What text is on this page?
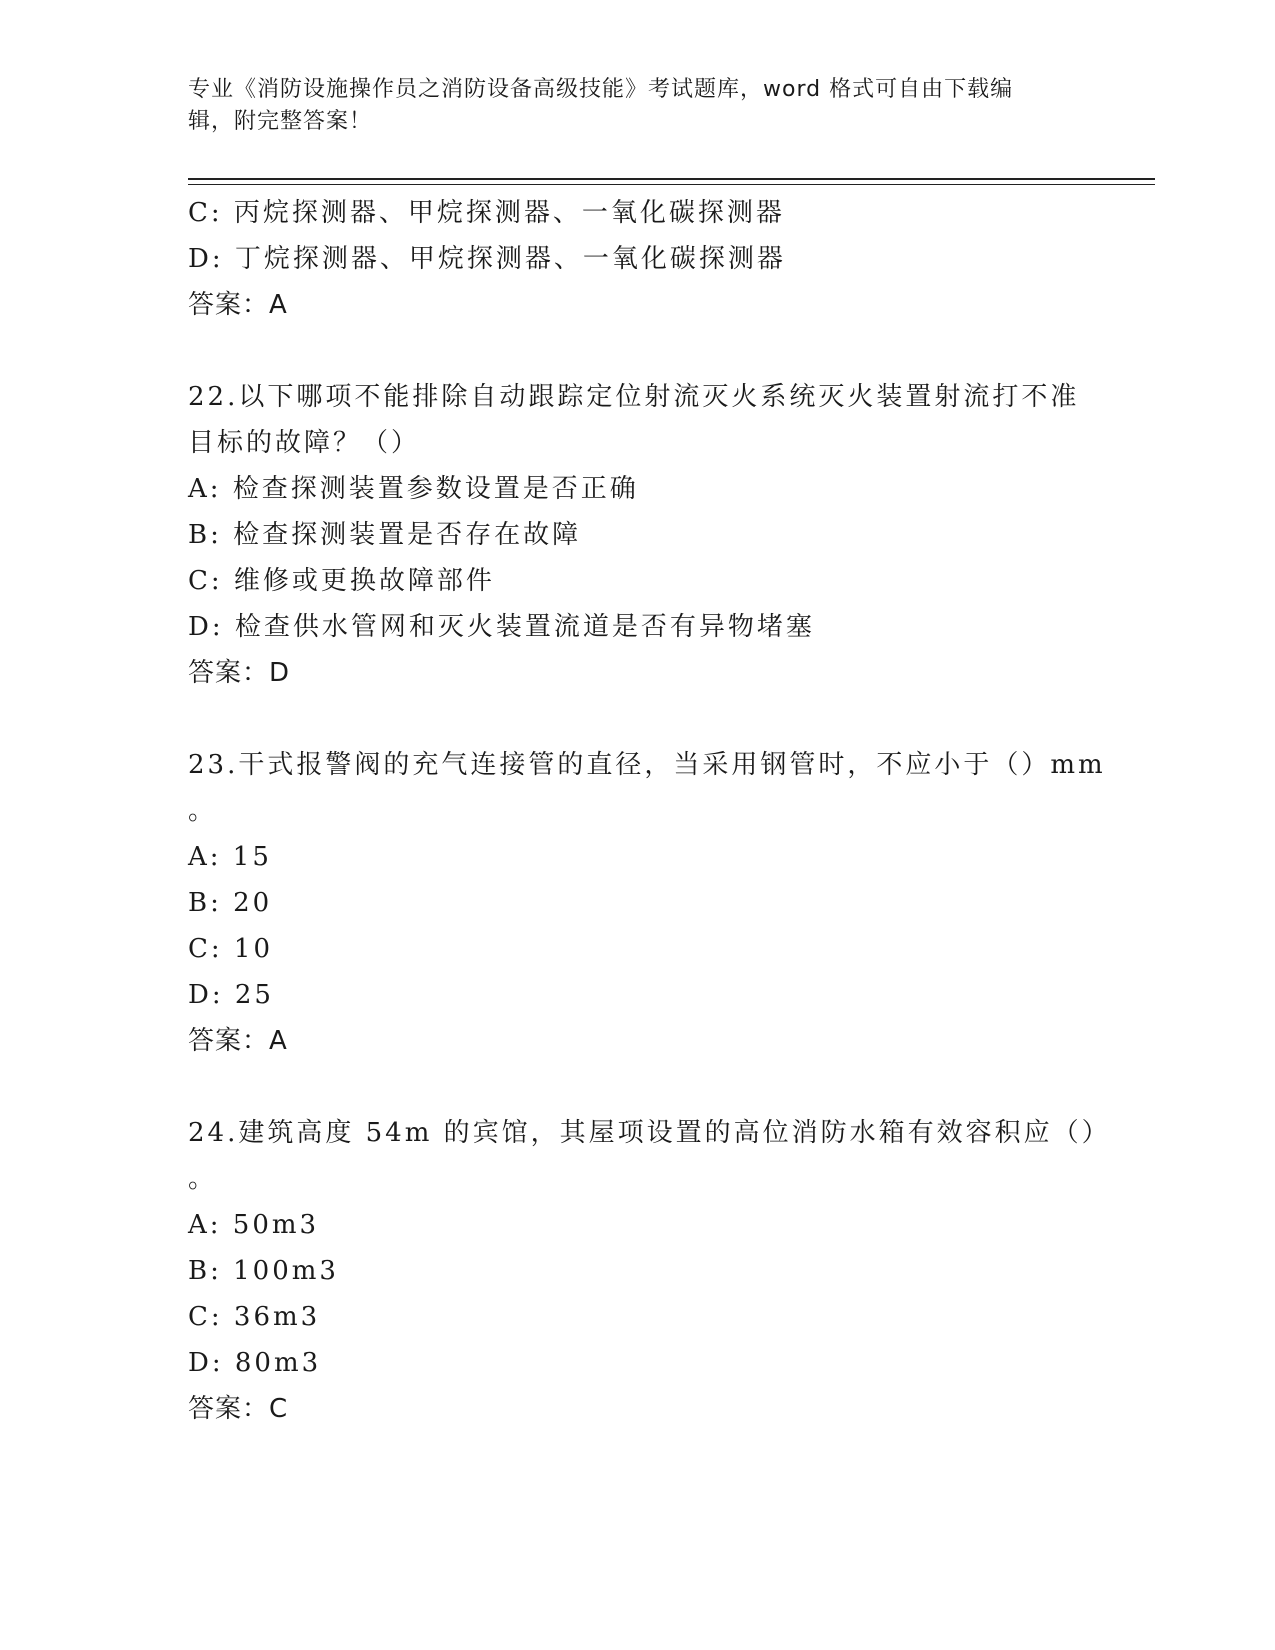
专业《消防设施操作员之消防设备高级技能》考试题库，word 格式可自由下载编
辑，附完整答案！
C: 丙烷探测器、甲烷探测器、一氧化碳探测器
D: 丁烷探测器、甲烷探测器、一氧化碳探测器
答案：A
22.以下哪项不能排除自动跟踪定位射流灭火系统灭火装置射流打不准
目标的故障？（）
A: 检查探测装置参数设置是否正确
B: 检查探测装置是否存在故障
C: 维修或更换故障部件
D: 检查供水管网和灭火装置流道是否有异物堵塞
答案：D
23.干式报警阀的充气连接管的直径，当采用钢管时，不应小于（）mm
。
A: 15
B: 20
C: 10
D: 25
答案：A
24.建筑高度 54m 的宾馆，其屋项设置的高位消防水箱有效容积应（）
。
A: 50m3
B: 100m3
C: 36m3
D: 80m3
答案：C
